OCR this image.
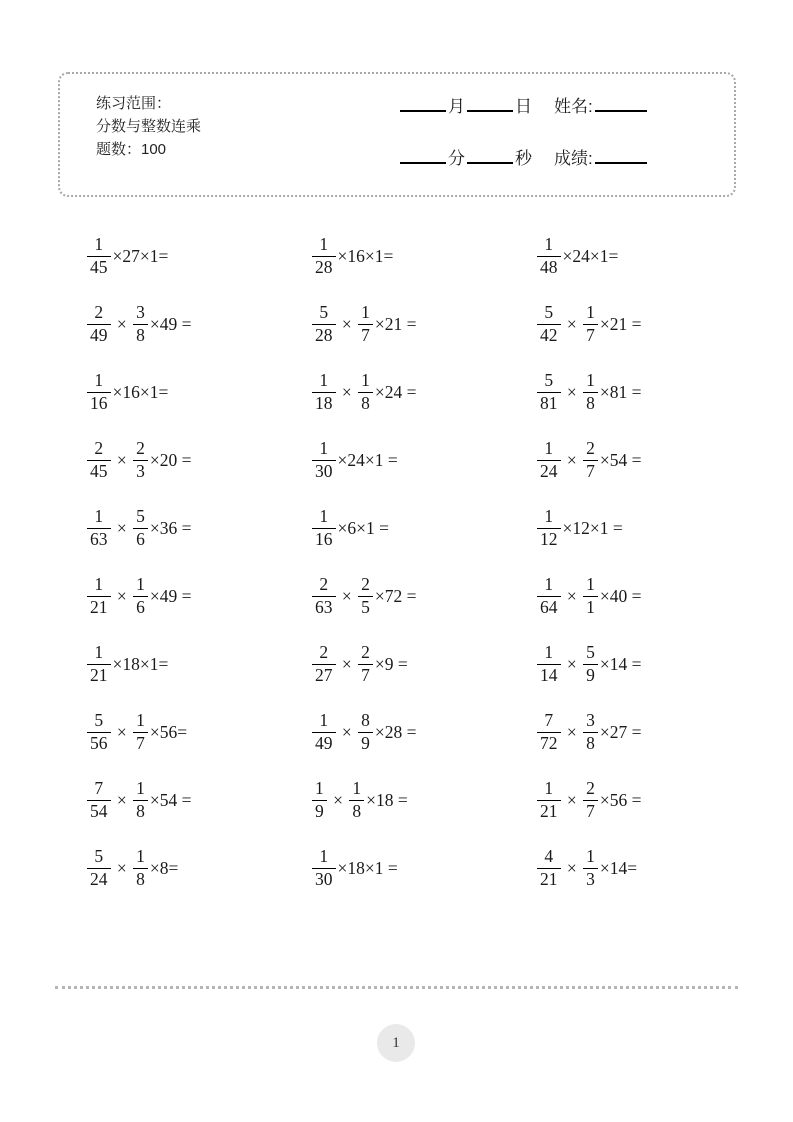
练习范围：
分数与整数连乘
题数：100
月	日 姓名:
分	秒 成绩:
$\frac{1}{45} \times 27\times 1=$	$\frac{1}{28} \times 16\times 1=$	$\frac{1}{48} \times 24\times 1=$
$\frac{2}{49} \times \frac{3}{8} \times 49$ =	$\frac{5}{28} \times \frac{1}{7} \times 21$ =	$\frac{5}{42} \times \frac{1}{7} \times 21$ =
$\frac{1}{16} \times 16\times 1=$	$\frac{1}{18} \times \frac{1}{8} \times 24$ =	$\frac{5}{81} \times \frac{1}{8} \times 81$ =
$\frac{2}{45} \times \frac{2}{3} \times 20$ =	$\frac{1}{30} \times 24\times 1$ =	$\frac{1}{24} \times \frac{2}{7} \times 54$ =
$\frac{1}{63} \times \frac{5}{6} \times 36$ =	$\frac{1}{16} \times 6\times 1$ =	$\frac{1}{12} \times 12\times 1$ =
$\frac{1}{21} \times \frac{1}{6} \times 49$ =	$\frac{2}{63} \times \frac{2}{5} \times 72$ =	$\frac{1}{64} \times \frac{1}{1} \times 40$ =
$\frac{1}{21} \times 18\times 1=$	$\frac{2}{27} \times \frac{2}{7} \times 9$ =	$\frac{1}{14} \times \frac{5}{9} \times 14$ =
$\frac{5}{56} \times \frac{1}{7} \times 56=$	$\frac{1}{49} \times \frac{8}{9} \times 28$ =	$\frac{7}{72} \times \frac{3}{8} \times 27$ =
$\frac{7}{54} \times \frac{1}{8} \times 54$ =	$\frac{1}{9} \times \frac{1}{8} \times 18$ =	$\frac{1}{21} \times \frac{2}{7} \times 56$ =
$\frac{5}{24} \times \frac{1}{8} \times 8=$	$\frac{1}{30} \times 18\times 1$ =	$\frac{4}{21} \times \frac{1}{3} \times 14=$
1
